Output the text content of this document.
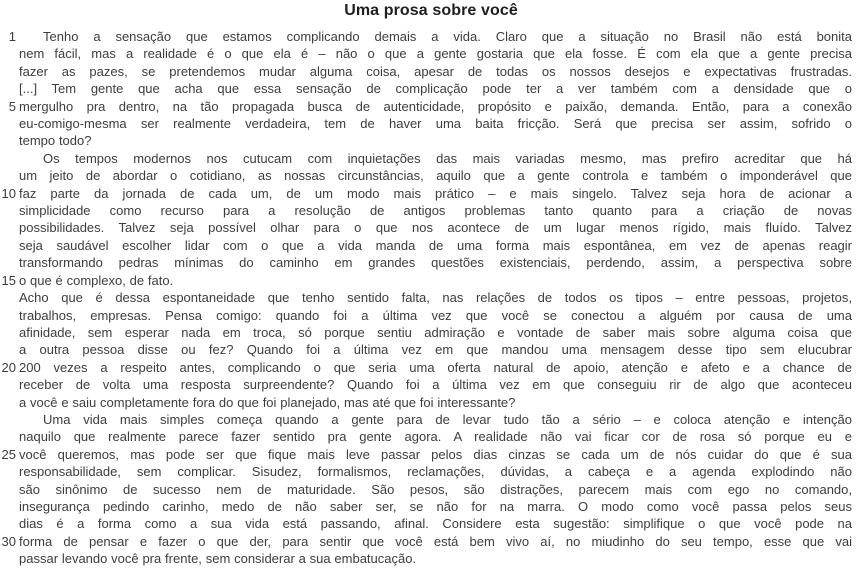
Uma prosa sobre você
1	Tenho a sensação que estamos complicando demais a vida. Claro que a situação no Brasil não está bonita
nem fácil, mas a realidade é o que ela é – não o que a gente gostaria que ela fosse. É com ela que a gente precisa
fazer as pazes, se pretendemos mudar alguma coisa, apesar de todas os nossos desejos e expectativas frustradas.
[...] Tem gente que acha que essa sensação de complicação pode ter a ver também com a densidade que o
5 mergulho pra dentro, na tão propagada busca de autenticidade, propósito e paixão, demanda. Então, para a conexão
eu-comigo-mesma ser realmente verdadeira, tem de haver uma baita fricção. Será que precisa ser assim, sofrido o
tempo todo?
Os tempos modernos nos cutucam com inquietações das mais variadas mesmo, mas prefiro acreditar que há
um jeito de abordar o cotidiano, as nossas circunstâncias, aquilo que a gente controla e também o imponderável que
10 faz parte da jornada de cada um, de um modo mais prático – e mais singelo. Talvez seja hora de acionar a
simplicidade como recurso para a resolução de antigos problemas tanto quanto para a criação de novas
possibilidades. Talvez seja possível olhar para o que nos acontece de um lugar menos rígido, mais fluído. Talvez
seja saudável escolher lidar com o que a vida manda de uma forma mais espontânea, em vez de apenas reagir
transformando pedras mínimas do caminho em grandes questões existenciais, perdendo, assim, a perspectiva sobre
15 o que é complexo, de fato.
Acho que é dessa espontaneidade que tenho sentido falta, nas relações de todos os tipos – entre pessoas, projetos,
trabalhos, empresas. Pensa comigo: quando foi a última vez que você se conectou a alguém por causa de uma
afinidade, sem esperar nada em troca, só porque sentiu admiração e vontade de saber mais sobre alguma coisa que
a outra pessoa disse ou fez? Quando foi a última vez em que mandou uma mensagem desse tipo sem elucubrar
20 200 vezes a respeito antes, complicando o que seria uma oferta natural de apoio, atenção e afeto e a chance de
receber de volta uma resposta surpreendente? Quando foi a última vez em que conseguiu rir de algo que aconteceu
a você e saiu completamente fora do que foi planejado, mas até que foi interessante?
Uma vida mais simples começa quando a gente para de levar tudo tão a sério – e coloca atenção e intenção
naquilo que realmente parece fazer sentido pra gente agora. A realidade não vai ficar cor de rosa só porque eu e
25 você queremos, mas pode ser que fique mais leve passar pelos dias cinzas se cada um de nós cuidar do que é sua
responsabilidade, sem complicar. Sisudez, formalismos, reclamações, dúvidas, a cabeça e a agenda explodindo não
são sinônimo de sucesso nem de maturidade. São pesos, são distrações, parecem mais com ego no comando,
insegurança pedindo carinho, medo de não saber ser, se não for na marra. O modo como você passa pelos seus
dias é a forma como a sua vida está passando, afinal. Considere esta sugestão: simplifique o que você pode na
30 forma de pensar e fazer o que der, para sentir que você está bem vivo aí, no miudinho do seu tempo, esse que vai
passar levando você pra frente, sem considerar a sua embatucação.
